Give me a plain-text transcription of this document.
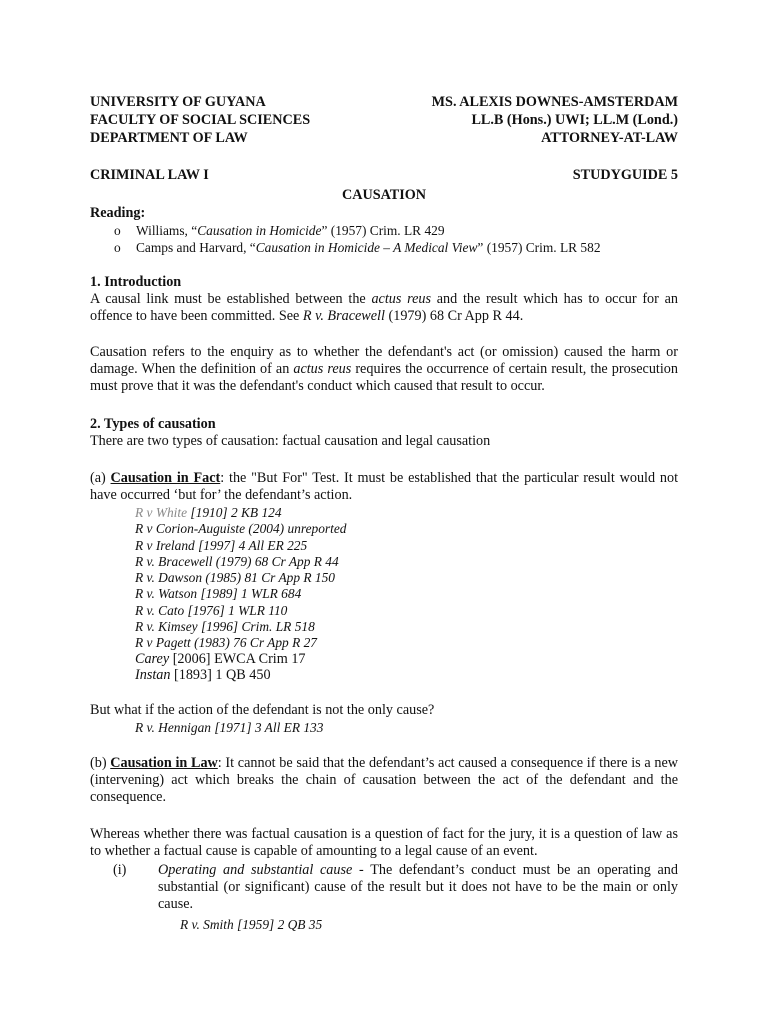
UNIVERSITY OF GUYANA	MS. ALEXIS DOWNES-AMSTERDAM
FACULTY OF SOCIAL SCIENCES	LL.B (Hons.) UWI; LL.M (Lond.)
DEPARTMENT OF LAW	ATTORNEY-AT-LAW
CRIMINAL LAW I	STUDYGUIDE 5
CAUSATION
Reading:
o Williams, “Causation in Homicide” (1957) Crim. LR 429
o Camps and Harvard, “Causation in Homicide – A Medical View” (1957) Crim. LR 582
1. Introduction
A causal link must be established between the actus reus and the result which has to occur for an offence to have been committed. See R v. Bracewell (1979) 68 Cr App R 44.
Causation refers to the enquiry as to whether the defendant's act (or omission) caused the harm or damage. When the definition of an actus reus requires the occurrence of certain result, the prosecution must prove that it was the defendant's conduct which caused that result to occur.
2. Types of causation
There are two types of causation: factual causation and legal causation
(a) Causation in Fact: the "But For" Test. It must be established that the particular result would not have occurred ‘but for’ the defendant’s action.
R v White [1910] 2 KB 124
R v Corion-Auguiste (2004) unreported
R v Ireland [1997] 4 All ER 225
R v. Bracewell (1979) 68 Cr App R 44
R v. Dawson (1985) 81 Cr App R 150
R v. Watson [1989] 1 WLR 684
R v. Cato [1976] 1 WLR 110
R v. Kimsey [1996] Crim. LR 518
R v Pagett (1983) 76 Cr App R 27
Carey [2006] EWCA Crim 17
Instan [1893] 1 QB 450
But what if the action of the defendant is not the only cause?
R v. Hennigan [1971] 3 All ER 133
(b) Causation in Law: It cannot be said that the defendant’s act caused a consequence if there is a new (intervening) act which breaks the chain of causation between the act of the defendant and the consequence.
Whereas whether there was factual causation is a question of fact for the jury, it is a question of law as to whether a factual cause is capable of amounting to a legal cause of an event.
(i) Operating and substantial cause - The defendant’s conduct must be an operating and substantial (or significant) cause of the result but it does not have to be the main or only cause.
R v. Smith [1959] 2 QB 35
